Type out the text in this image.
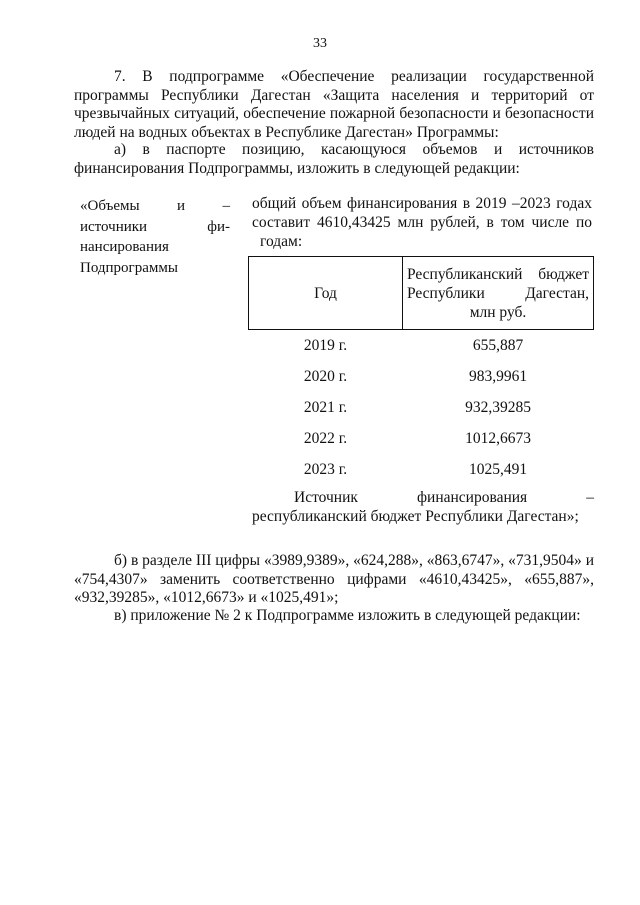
33
7. В подпрограмме «Обеспечение реализации государственной
программы Республики Дагестан «Защита населения и территорий от
чрезвычайных ситуаций, обеспечение пожарной безопасности и безопасности
людей на водных объектах в Республике Дагестан» Программы:
а) в паспорте позицию, касающуюся объемов и источников
финансирования Подпрограммы, изложить в следующей редакции:
«Объемы и –
источники фи-
нансирования
Подпрограммы
общий объем финансирования в 2019 –2023 годах
составит 4610,43425 млн рублей, в том числе по
годам:
Год	Республиканский бюджет
Республики Дагестан,
млн руб.

2019 г.	655,887
2020 г.	983,9961
2021 г.	932,39285
2022 г.	1012,6673
2023 г.	1025,491
Источник финансирования –
республиканский бюджет Республики Дагестан»;
б) в разделе III цифры «3989,9389», «624,288», «863,6747», «731,9504» и
«754,4307» заменить соответственно цифрами «4610,43425», «655,887»,
«932,39285», «1012,6673» и «1025,491»;
в) приложение № 2 к Подпрограмме изложить в следующей редакции:
